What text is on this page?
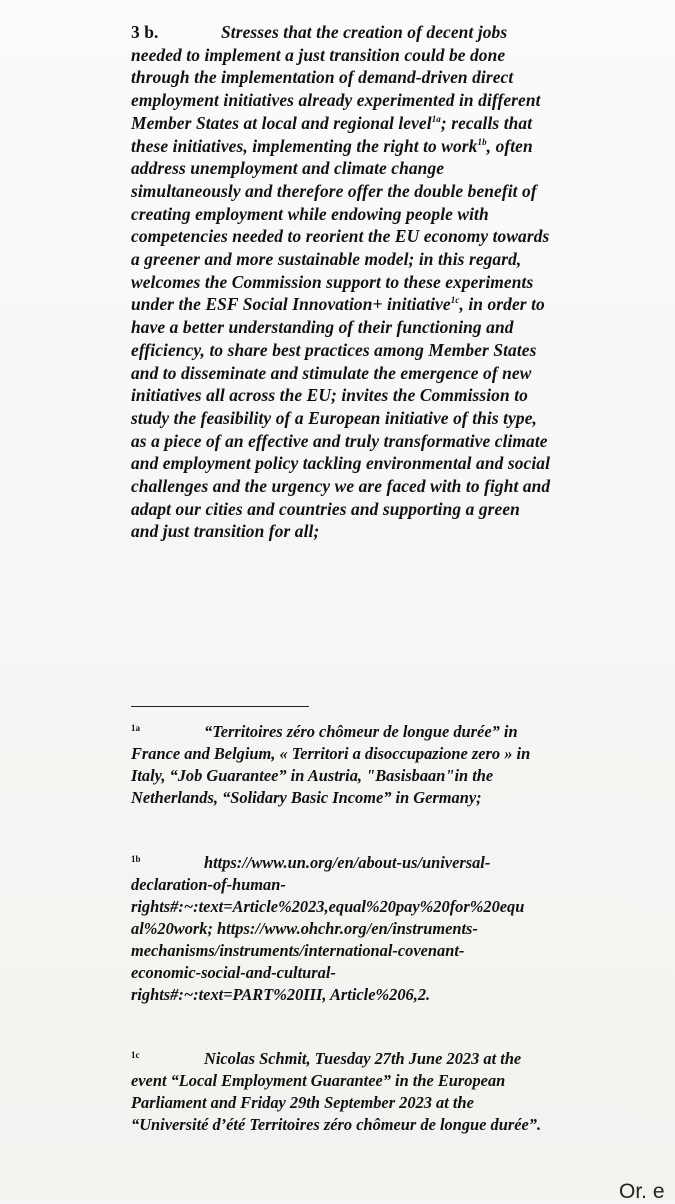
3 b.	Stresses that the creation of decent jobs needed to implement a just transition could be done through the implementation of demand-driven direct employment initiatives already experimented in different Member States at local and regional level$^{1a}$; recalls that these initiatives, implementing the right to work$^{1b}$, often address unemployment and climate change simultaneously and therefore offer the double benefit of creating employment while endowing people with competencies needed to reorient the EU economy towards a greener and more sustainable model; in this regard, welcomes the Commission support to these experiments under the ESF Social Innovation+ initiative$^{1c}$, in order to have a better understanding of their functioning and efficiency, to share best practices among Member States and to disseminate and stimulate the emergence of new initiatives all across the EU; invites the Commission to study the feasibility of a European initiative of this type, as a piece of an effective and truly transformative climate and employment policy tackling environmental and social challenges and the urgency we are faced with to fight and adapt our cities and countries and supporting a green and just transition for all;
1a	“Territoires zéro chômeur de longue durée” in France and Belgium, « Territori a disoccupazione zero » in Italy, “Job Guarantee” in Austria, "Basisbaan"in the Netherlands, “Solidary Basic Income” in Germany;
1b	https://www.un.org/en/about-us/universal-declaration-of-human-rights#:~:text=Article%2023,equal%20pay%20for%20equal%20work; https://www.ohchr.org/en/instruments-mechanisms/instruments/international-covenant-economic-social-and-cultural-rights#:~:text=PART%20III, Article%206,2.
1c	Nicolas Schmit, Tuesday 27th June 2023 at the event “Local Employment Guarantee” in the European Parliament and Friday 29th September 2023 at the “Université d’été Territoires zéro chômeur de longue durée”.
Or. e
